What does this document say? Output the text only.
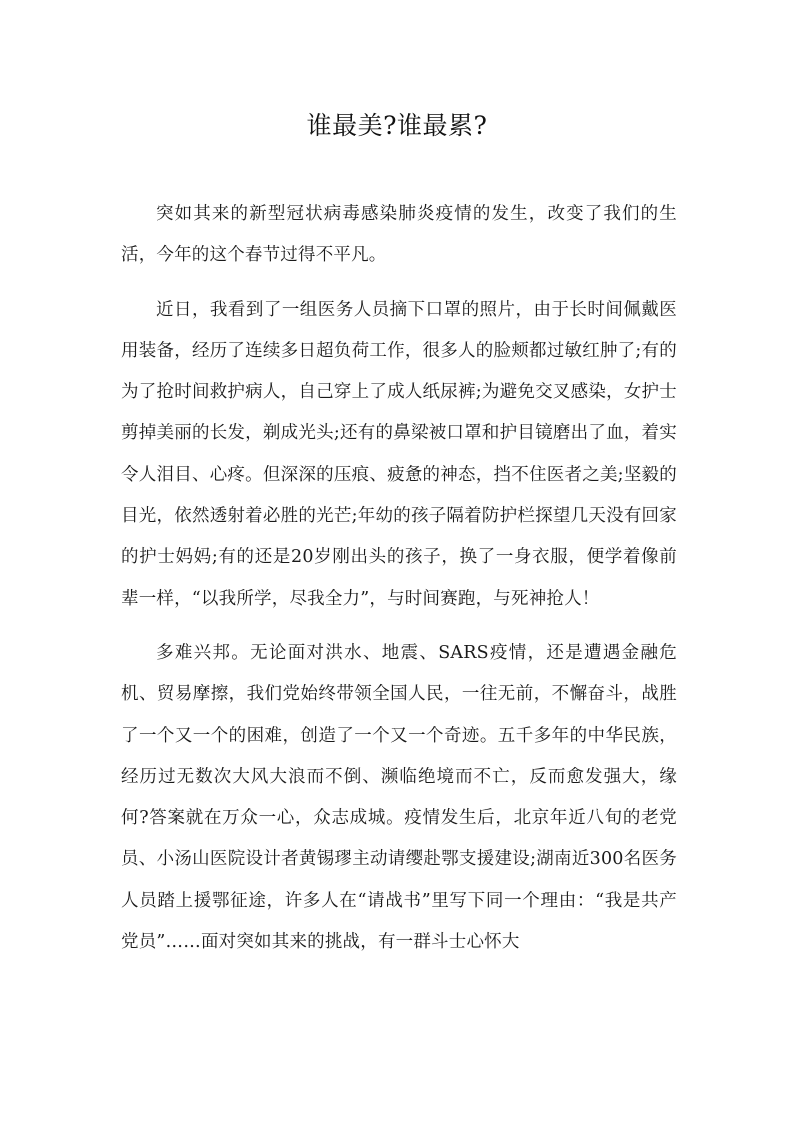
谁最美?谁最累?

突如其来的新型冠状病毒感染肺炎疫情的发生，改变了我们的生活，今年的这个春节过得不平凡。

近日，我看到了一组医务人员摘下口罩的照片，由于长时间佩戴医用装备，经历了连续多日超负荷工作，很多人的脸颊都过敏红肿了;有的为了抢时间救护病人，自己穿上了成人纸尿裤;为避免交叉感染，女护士剪掉美丽的长发，剃成光头;还有的鼻梁被口罩和护目镜磨出了血，着实令人泪目、心疼。但深深的压痕、疲惫的神态，挡不住医者之美;坚毅的目光，依然透射着必胜的光芒;年幼的孩子隔着防护栏探望几天没有回家的护士妈妈;有的还是20岁刚出头的孩子，换了一身衣服，便学着像前辈一样，“以我所学，尽我全力”，与时间赛跑，与死神抢人！

多难兴邦。无论面对洪水、地震、SARS疫情，还是遭遇金融危机、贸易摩擦，我们党始终带领全国人民，一往无前，不懈奋斗，战胜了一个又一个的困难，创造了一个又一个奇迹。五千多年的中华民族，经历过无数次大风大浪而不倒、濒临绝境而不亡，反而愈发强大，缘何?答案就在万众一心，众志成城。疫情发生后，北京年近八旬的老党员、小汤山医院设计者黄锡璆主动请缨赴鄂支援建设;湖南近300名医务人员踏上援鄂征途，许多人在“请战书”里写下同一个理由：“我是共产党员”……面对突如其来的挑战，有一群斗士心怀大
